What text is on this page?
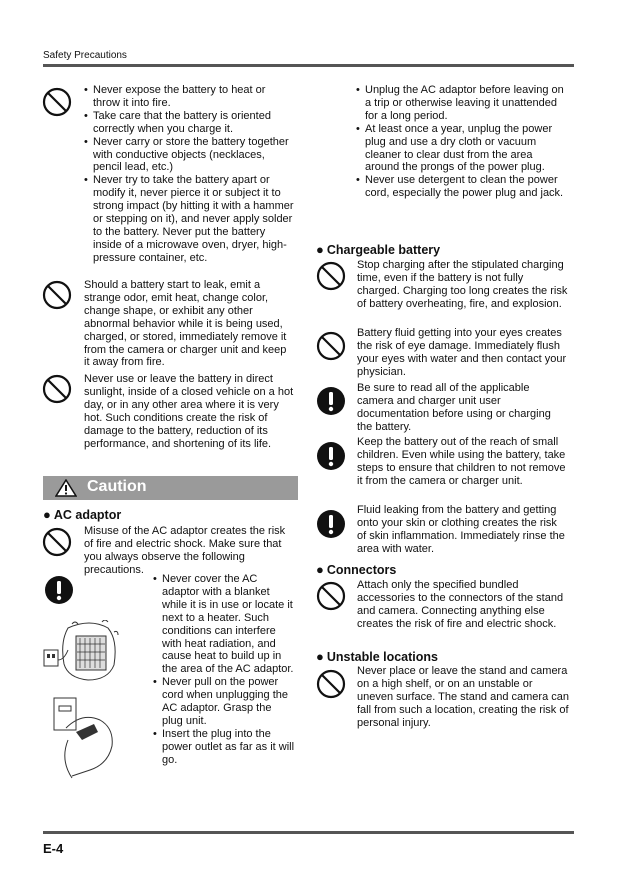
Safety Precautions
• Never expose the battery to heat or throw it into fire.
• Take care that the battery is oriented correctly when you charge it.
• Never carry or store the battery together with conductive objects (necklaces, pencil lead, etc.)
• Never try to take the battery apart or modify it, never pierce it or subject it to strong impact (by hitting it with a hammer or stepping on it), and never apply solder to the battery. Never put the battery inside of a microwave oven, dryer, high-pressure container, etc.
Should a battery start to leak, emit a strange odor, emit heat, change color, change shape, or exhibit any other abnormal behavior while it is being used, charged, or stored, immediately remove it from the camera or charger unit and keep it away from fire.
Never use or leave the battery in direct sunlight, inside of a closed vehicle on a hot day, or in any other area where it is very hot. Such conditions create the risk of damage to the battery, reduction of its performance, and shortening of its life.
Caution
● AC adaptor
Misuse of the AC adaptor creates the risk of fire and electric shock. Make sure that you always observe the following precautions.
• Never cover the AC adaptor with a blanket while it is in use or locate it next to a heater. Such conditions can interfere with heat radiation, and cause heat to build up in the area of the AC adaptor.
• Never pull on the power cord when unplugging the AC adaptor. Grasp the plug unit.
• Insert the plug into the power outlet as far as it will go.
• Unplug the AC adaptor before leaving on a trip or otherwise leaving it unattended for a long period.
• At least once a year, unplug the power plug and use a dry cloth or vacuum cleaner to clear dust from the area around the prongs of the power plug.
• Never use detergent to clean the power cord, especially the power plug and jack.
● Chargeable battery
Stop charging after the stipulated charging time, even if the battery is not fully charged. Charging too long creates the risk of battery overheating, fire, and explosion.
Battery fluid getting into your eyes creates the risk of eye damage. Immediately flush your eyes with water and then contact your physician.
Be sure to read all of the applicable camera and charger unit user documentation before using or charging the battery.
Keep the battery out of the reach of small children. Even while using the battery, take steps to ensure that children to not remove it from the camera or charger unit.
Fluid leaking from the battery and getting onto your skin or clothing creates the risk of skin inflammation. Immediately rinse the area with water.
● Connectors
Attach only the specified bundled accessories to the connectors of the stand and camera. Connecting anything else creates the risk of fire and electric shock.
● Unstable locations
Never place or leave the stand and camera on a high shelf, or on an unstable or uneven surface. The stand and camera can fall from such a location, creating the risk of personal injury.
E-4
